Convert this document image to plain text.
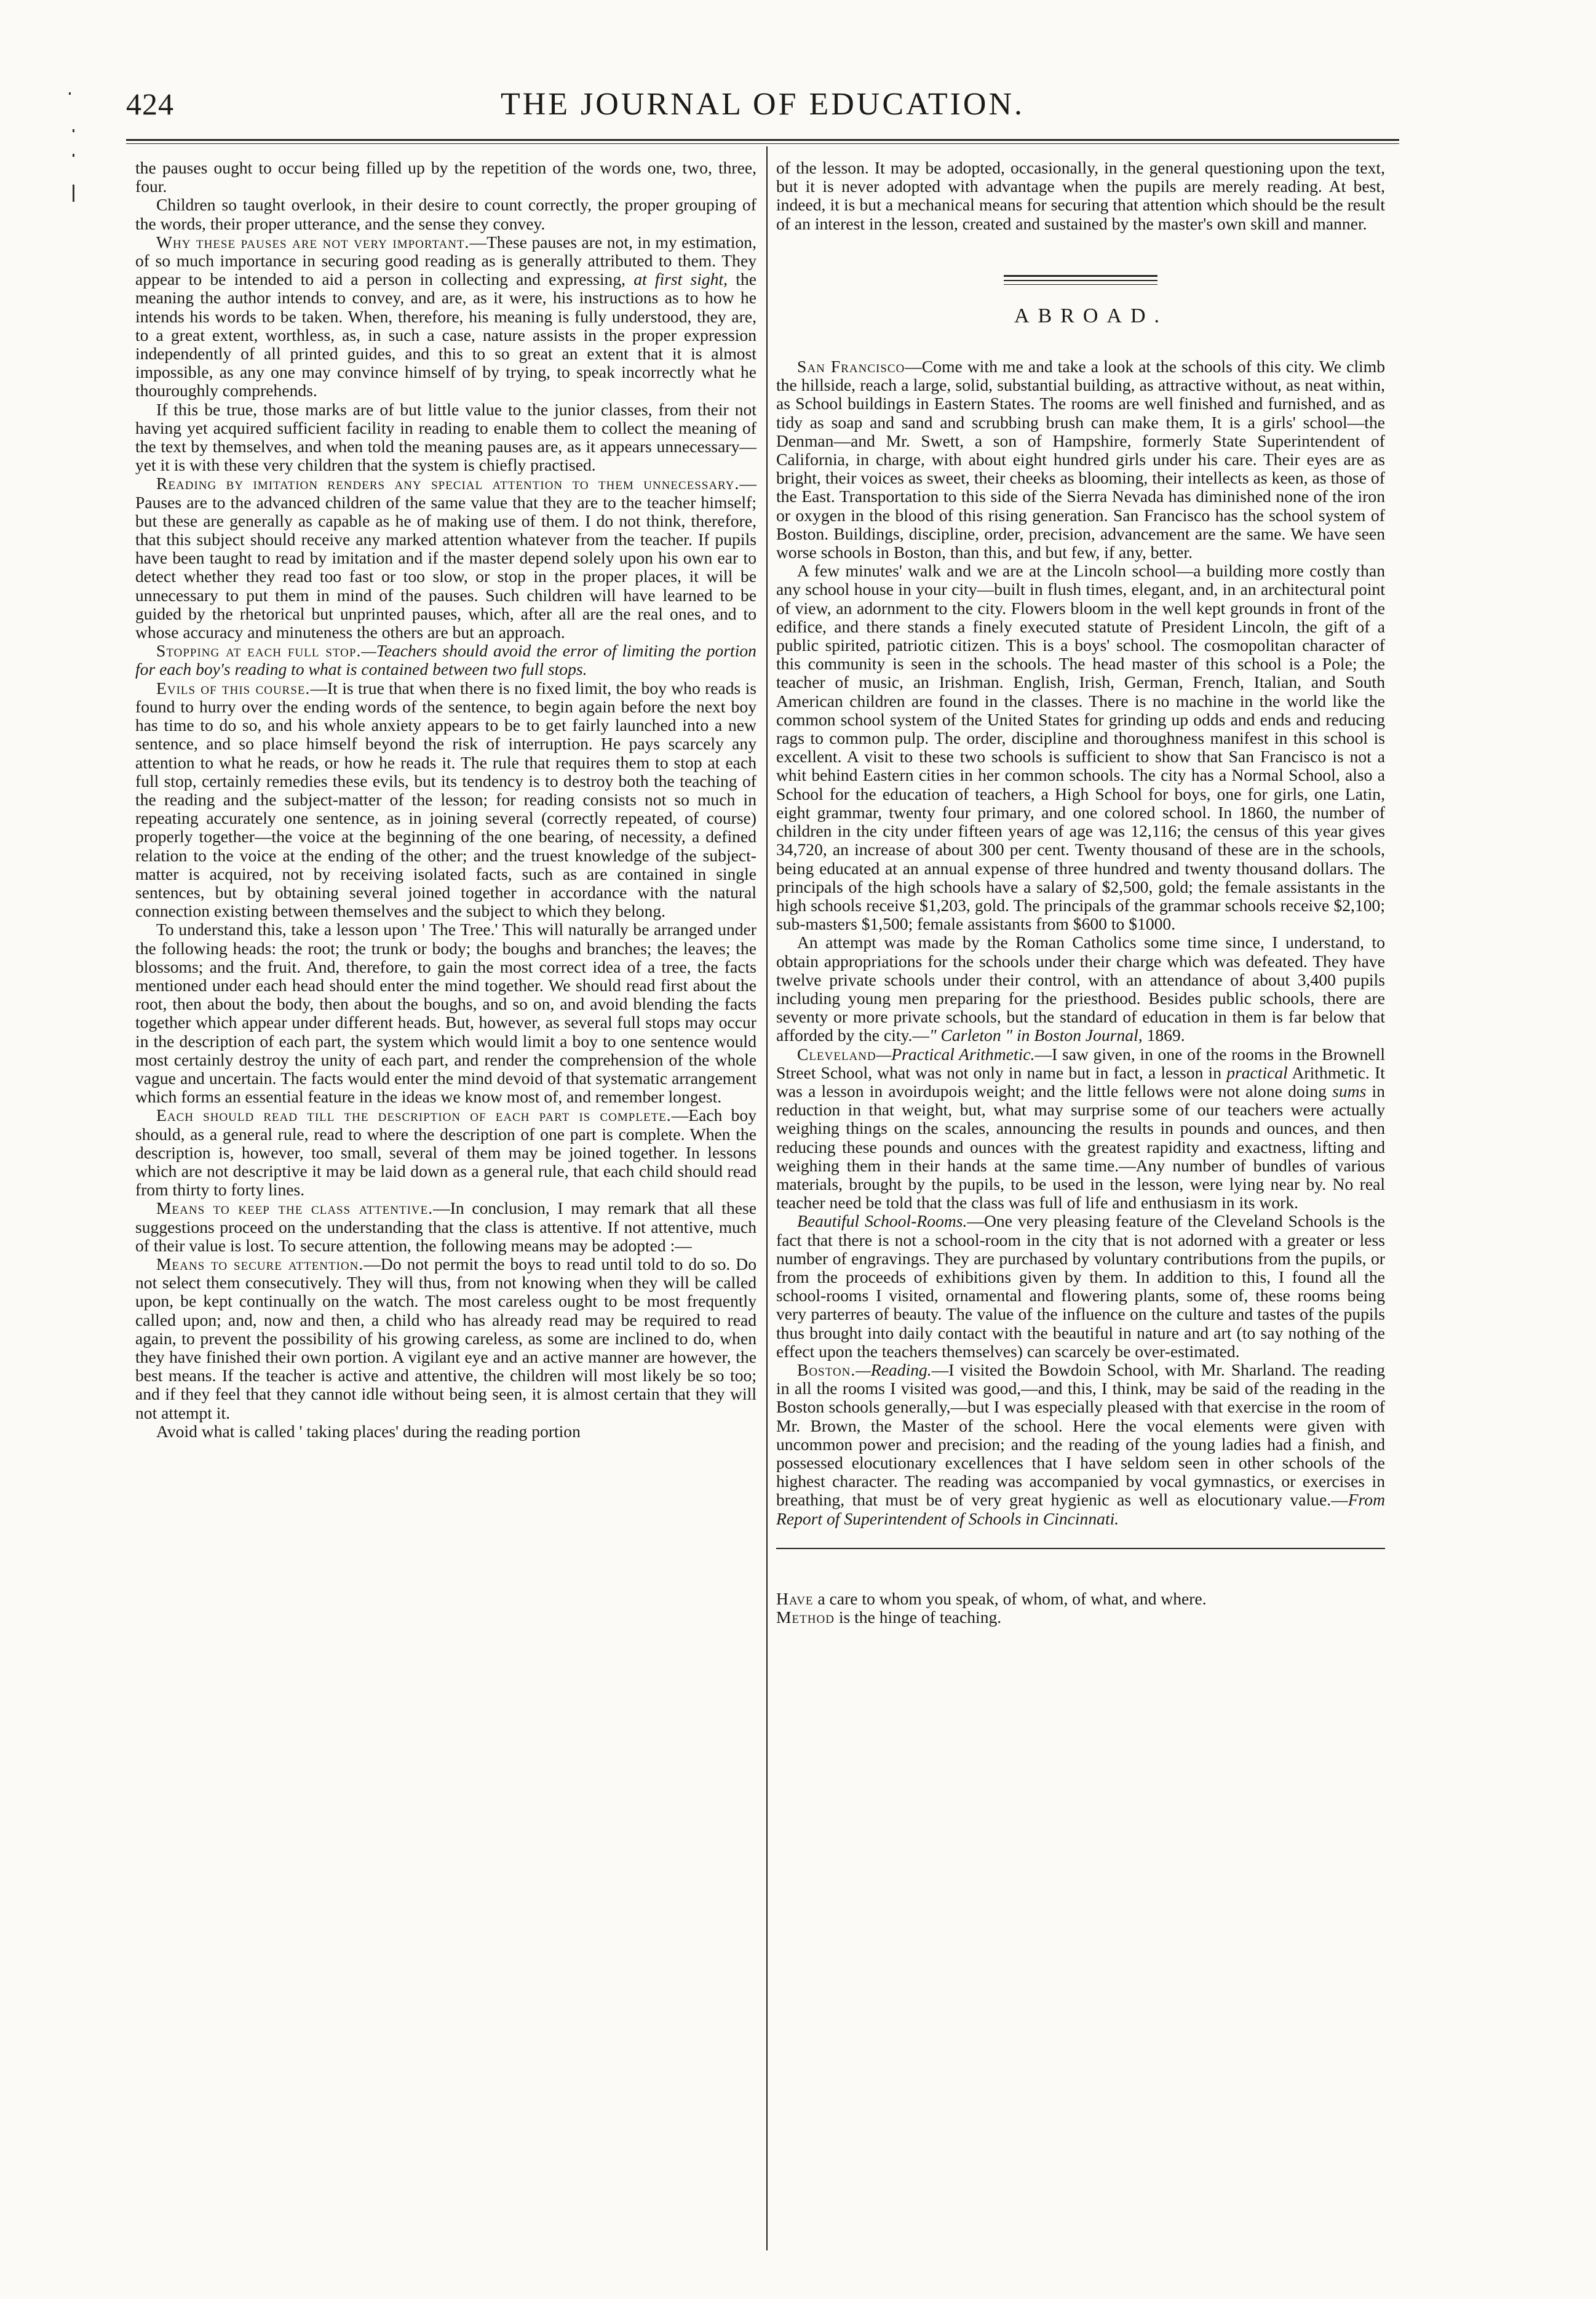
424	THE JOURNAL OF EDUCATION.

the pauses ought to occur being filled up by the repetition of the words one, two, three, four.

Children so taught overlook, in their desire to count correctly, the proper grouping of the words, their proper utterance, and the sense they convey.

Why these pauses are not very important.—These pauses are not, in my estimation, of so much importance in securing good reading as is generally attributed to them. They appear to be intended to aid a person in collecting and expressing, at first sight, the meaning the author intends to convey, and are, as it were, his instructions as to how he intends his words to be taken. When, therefore, his meaning is fully understood, they are, to a great extent, worthless, as, in such a case, nature assists in the proper expression independently of all printed guides, and this to so great an extent that it is almost impossible, as any one may convince himself of by trying, to speak incorrectly what he thouroughly comprehends.

If this be true, those marks are of but little value to the junior classes, from their not having yet acquired sufficient facility in reading to enable them to collect the meaning of the text by themselves, and when told the meaning pauses are, as it appears unnecessary—yet it is with these very children that the system is chiefly practised.

Reading by imitation renders any special attention to them unnecessary.—Pauses are to the advanced children of the same value that they are to the teacher himself; but these are generally as capable as he of making use of them. I do not think, therefore, that this subject should receive any marked attention whatever from the teacher. If pupils have been taught to read by imitation and if the master depend solely upon his own ear to detect whether they read too fast or too slow, or stop in the proper places, it will be unnecessary to put them in mind of the pauses. Such children will have learned to be guided by the rhetorical but unprinted pauses, which, after all are the real ones, and to whose accuracy and minuteness the others are but an approach.

Stopping at each full stop.—Teachers should avoid the error of limiting the portion for each boy's reading to what is contained between two full stops.

Evils of this course.—It is true that when there is no fixed limit, the boy who reads is found to hurry over the ending words of the sentence, to begin again before the next boy has time to do so, and his whole anxiety appears to be to get fairly launched into a new sentence, and so place himself beyond the risk of interruption. He pays scarcely any attention to what he reads, or how he reads it. The rule that requires them to stop at each full stop, certainly remedies these evils, but its tendency is to destroy both the teaching of the reading and the subject-matter of the lesson; for reading consists not so much in repeating accurately one sentence, as in joining several (correctly repeated, of course) properly together—the voice at the beginning of the one bearing, of necessity, a defined relation to the voice at the ending of the other; and the truest knowledge of the subject-matter is acquired, not by receiving isolated facts, such as are contained in single sentences, but by obtaining several joined together in accordance with the natural connection existing between themselves and the subject to which they belong.

To understand this, take a lesson upon ' The Tree.' This will naturally be arranged under the following heads: the root; the trunk or body; the boughs and branches; the leaves; the blossoms; and the fruit. And, therefore, to gain the most correct idea of a tree, the facts mentioned under each head should enter the mind together. We should read first about the root, then about the body, then about the boughs, and so on, and avoid blending the facts together which appear under different heads. But, however, as several full stops may occur in the description of each part, the system which would limit a boy to one sentence would most certainly destroy the unity of each part, and render the comprehension of the whole vague and uncertain. The facts would enter the mind devoid of that systematic arrangement which forms an essential feature in the ideas we know most of, and remember longest.

Each should read till the description of each part is complete.—Each boy should, as a general rule, read to where the description of one part is complete. When the description is, however, too small, several of them may be joined together. In lessons which are not descriptive it may be laid down as a general rule, that each child should read from thirty to forty lines.

Means to keep the class attentive.—In conclusion, I may remark that all these suggestions proceed on the understanding that the class is attentive. If not attentive, much of their value is lost. To secure attention, the following means may be adopted :—

Means to secure attention.—Do not permit the boys to read until told to do so. Do not select them consecutively. They will thus, from not knowing when they will be called upon, be kept continually on the watch. The most careless ought to be most frequently called upon; and, now and then, a child who has already read may be required to read again, to prevent the possibility of his growing careless, as some are inclined to do, when they have finished their own portion. A vigilant eye and an active manner are however, the best means. If the teacher is active and attentive, the children will most likely be so too; and if they feel that they cannot idle without being seen, it is almost certain that they will not attempt it.

Avoid what is called ' taking places' during the reading portion

of the lesson. It may be adopted, occasionally, in the general questioning upon the text, but it is never adopted with advantage when the pupils are merely reading. At best, indeed, it is but a mechanical means for securing that attention which should be the result of an interest in the lesson, created and sustained by the master's own skill and manner.

ABROAD.

San Francisco—Come with me and take a look at the schools of this city. We climb the hillside, reach a large, solid, substantial building, as attractive without, as neat within, as School buildings in Eastern States. The rooms are well finished and furnished, and as tidy as soap and sand and scrubbing brush can make them, It is a girls' school—the Denman—and Mr. Swett, a son of Hampshire, formerly State Superintendent of California, in charge, with about eight hundred girls under his care. Their eyes are as bright, their voices as sweet, their cheeks as blooming, their intellects as keen, as those of the East. Transportation to this side of the Sierra Nevada has diminished none of the iron or oxygen in the blood of this rising generation. San Francisco has the school system of Boston. Buildings, discipline, order, precision, advancement are the same. We have seen worse schools in Boston, than this, and but few, if any, better.

A few minutes' walk and we are at the Lincoln school—a building more costly than any school house in your city—built in flush times, elegant, and, in an architectural point of view, an adornment to the city. Flowers bloom in the well kept grounds in front of the edifice, and there stands a finely executed statute of President Lincoln, the gift of a public spirited, patriotic citizen. This is a boys' school. The cosmopolitan character of this community is seen in the schools. The head master of this school is a Pole; the teacher of music, an Irishman. English, Irish, German, French, Italian, and South American children are found in the classes. There is no machine in the world like the common school system of the United States for grinding up odds and ends and reducing rags to common pulp. The order, discipline and thoroughness manifest in this school is excellent. A visit to these two schools is sufficient to show that San Francisco is not a whit behind Eastern cities in her common schools. The city has a Normal School, also a School for the education of teachers, a High School for boys, one for girls, one Latin, eight grammar, twenty four primary, and one colored school. In 1860, the number of children in the city under fifteen years of age was 12,116; the census of this year gives 34,720, an increase of about 300 per cent. Twenty thousand of these are in the schools, being educated at an annual expense of three hundred and twenty thousand dollars. The principals of the high schools have a salary of $2,500, gold; the female assistants in the high schools receive $1,203, gold. The principals of the grammar schools receive $2,100; sub-masters $1,500; female assistants from $600 to $1000.

An attempt was made by the Roman Catholics some time since, I understand, to obtain appropriations for the schools under their charge which was defeated. They have twelve private schools under their control, with an attendance of about 3,400 pupils including young men preparing for the priesthood. Besides public schools, there are seventy or more private schools, but the standard of education in them is far below that afforded by the city.—" Carleton " in Boston Journal, 1869.

Cleveland—Practical Arithmetic.—I saw given, in one of the rooms in the Brownell Street School, what was not only in name but in fact, a lesson in practical Arithmetic. It was a lesson in avoirdupois weight; and the little fellows were not alone doing sums in reduction in that weight, but, what may surprise some of our teachers were actually weighing things on the scales, announcing the results in pounds and ounces, and then reducing these pounds and ounces with the greatest rapidity and exactness, lifting and weighing them in their hands at the same time.—Any number of bundles of various materials, brought by the pupils, to be used in the lesson, were lying near by. No real teacher need be told that the class was full of life and enthusiasm in its work.

Beautiful School-Rooms.—One very pleasing feature of the Cleveland Schools is the fact that there is not a school-room in the city that is not adorned with a greater or less number of engravings. They are purchased by voluntary contributions from the pupils, or from the proceeds of exhibitions given by them. In addition to this, I found all the school-rooms I visited, ornamental and flowering plants, some of, these rooms being very parterres of beauty. The value of the influence on the culture and tastes of the pupils thus brought into daily contact with the beautiful in nature and art (to say nothing of the effect upon the teachers themselves) can scarcely be over-estimated.

Boston.—Reading.—I visited the Bowdoin School, with Mr. Sharland. The reading in all the rooms I visited was good,—and this, I think, may be said of the reading in the Boston schools generally,—but I was especially pleased with that exercise in the room of Mr. Brown, the Master of the school. Here the vocal elements were given with uncommon power and precision; and the reading of the young ladies had a finish, and possessed elocutionary excellences that I have seldom seen in other schools of the highest character. The reading was accompanied by vocal gymnastics, or exercises in breathing, that must be of very great hygienic as well as elocutionary value.—From Report of Superintendent of Schools in Cincinnati.

Have a care to whom you speak, of whom, of what, and where.

Method is the hinge of teaching.
